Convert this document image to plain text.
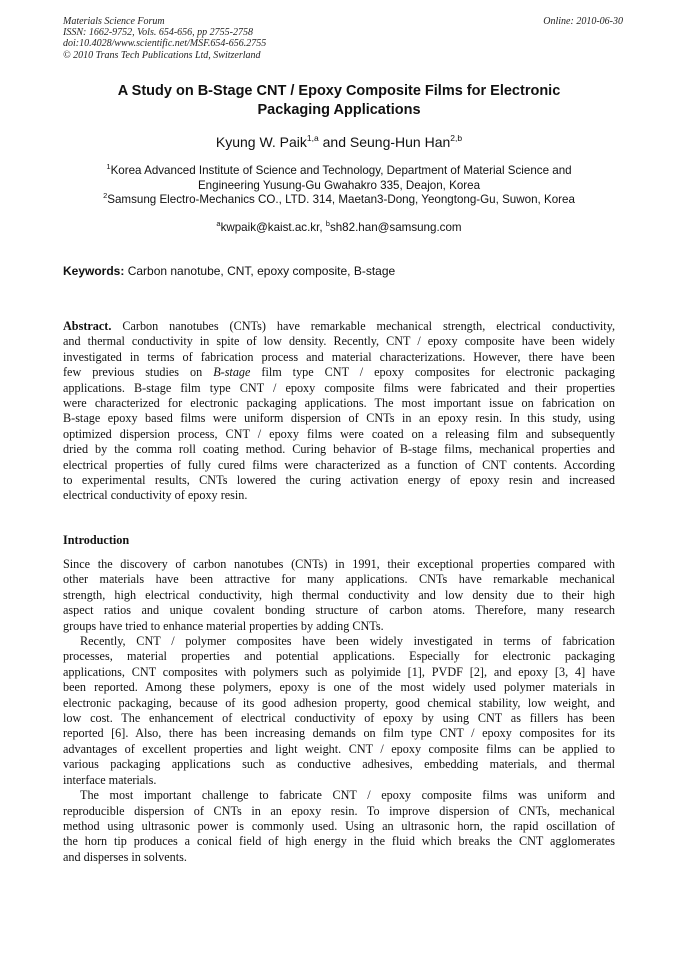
Materials Science Forum
ISSN: 1662-9752, Vols. 654-656, pp 2755-2758
doi:10.4028/www.scientific.net/MSF.654-656.2755
© 2010 Trans Tech Publications Ltd, Switzerland
Online: 2010-06-30
A Study on B-Stage CNT / Epoxy Composite Films for Electronic
Packaging Applications
Kyung W. Paik$^{1,a}$ and Seung-Hun Han$^{2,b}$
$^1$Korea Advanced Institute of Science and Technology, Department of Material Science and
Engineering Yusung-Gu Gwahakro 335, Deajon, Korea
$^2$Samsung Electro-Mechanics CO., LTD. 314, Maetan3-Dong, Yeongtong-Gu, Suwon, Korea
$^a$kwpaik@kaist.ac.kr, $^b$sh82.han@samsung.com
Keywords: Carbon nanotube, CNT, epoxy composite, B-stage
Abstract. Carbon nanotubes (CNTs) have remarkable mechanical strength, electrical conductivity,
and thermal conductivity in spite of low density. Recently, CNT / epoxy composite have been widely
investigated in terms of fabrication process and material characterizations. However, there have been
few previous studies on B-stage film type CNT / epoxy composites for electronic packaging
applications. B-stage film type CNT / epoxy composite films were fabricated and their properties
were characterized for electronic packaging applications. The most important issue on fabrication on
B-stage epoxy based films were uniform dispersion of CNTs in an epoxy resin. In this study, using
optimized dispersion process, CNT / epoxy films were coated on a releasing film and subsequently
dried by the comma roll coating method. Curing behavior of B-stage films, mechanical properties and
electrical properties of fully cured films were characterized as a function of CNT contents. According
to experimental results, CNTs lowered the curing activation energy of epoxy resin and increased
electrical conductivity of epoxy resin.
Introduction
Since the discovery of carbon nanotubes (CNTs) in 1991, their exceptional properties compared with
other materials have been attractive for many applications. CNTs have remarkable mechanical
strength, high electrical conductivity, high thermal conductivity and low density due to their high
aspect ratios and unique covalent bonding structure of carbon atoms. Therefore, many research
groups have tried to enhance material properties by adding CNTs.
Recently, CNT / polymer composites have been widely investigated in terms of fabrication
processes, material properties and potential applications. Especially for electronic packaging
applications, CNT composites with polymers such as polyimide [1], PVDF [2], and epoxy [3, 4] have
been reported. Among these polymers, epoxy is one of the most widely used polymer materials in
electronic packaging, because of its good adhesion property, good chemical stability, low weight, and
low cost. The enhancement of electrical conductivity of epoxy by using CNT as fillers has been
reported [6]. Also, there has been increasing demands on film type CNT / epoxy composites for its
advantages of excellent properties and light weight. CNT / epoxy composite films can be applied to
various packaging applications such as conductive adhesives, embedding materials, and thermal
interface materials.
The most important challenge to fabricate CNT / epoxy composite films was uniform and
reproducible dispersion of CNTs in an epoxy resin. To improve dispersion of CNTs, mechanical
method using ultrasonic power is commonly used. Using an ultrasonic horn, the rapid oscillation of
the horn tip produces a conical field of high energy in the fluid which breaks the CNT agglomerates
and disperses in solvents.
